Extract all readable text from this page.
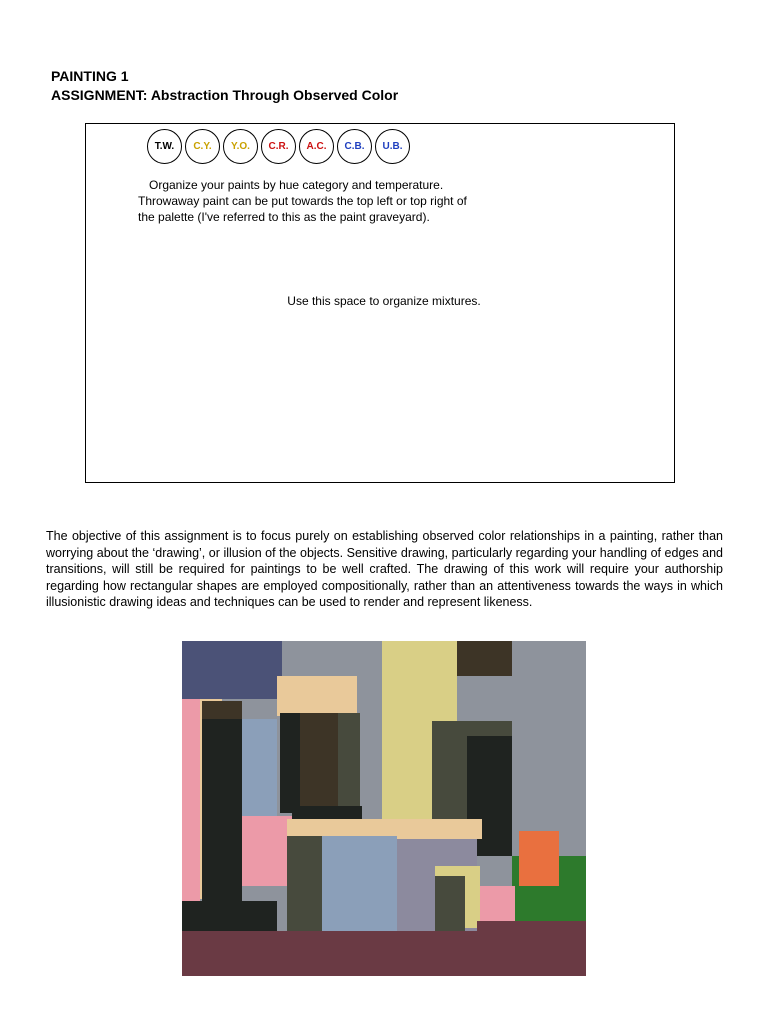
PAINTING 1
ASSIGNMENT: Abstraction Through Observed Color
T.W.	C.Y.	Y.O.	C.R.	A.C.	C.B.	U.B.
Organize your paints by hue category and temperature.
Throwaway paint can be put towards the top left or top right of
the palette (I've referred to this as the paint graveyard).
Use this space to organize mixtures.
The objective of this assignment is to focus purely on establishing observed color relationships in a painting, rather than worrying about the ‘drawing’, or illusion of the objects. Sensitive drawing, particularly regarding your handling of edges and transitions, will still be required for paintings to be well crafted. The drawing of this work will require your authorship regarding how rectangular shapes are employed compositionally, rather than an attentiveness towards the ways in which illusionistic drawing ideas and techniques can be used to render and represent likeness.
